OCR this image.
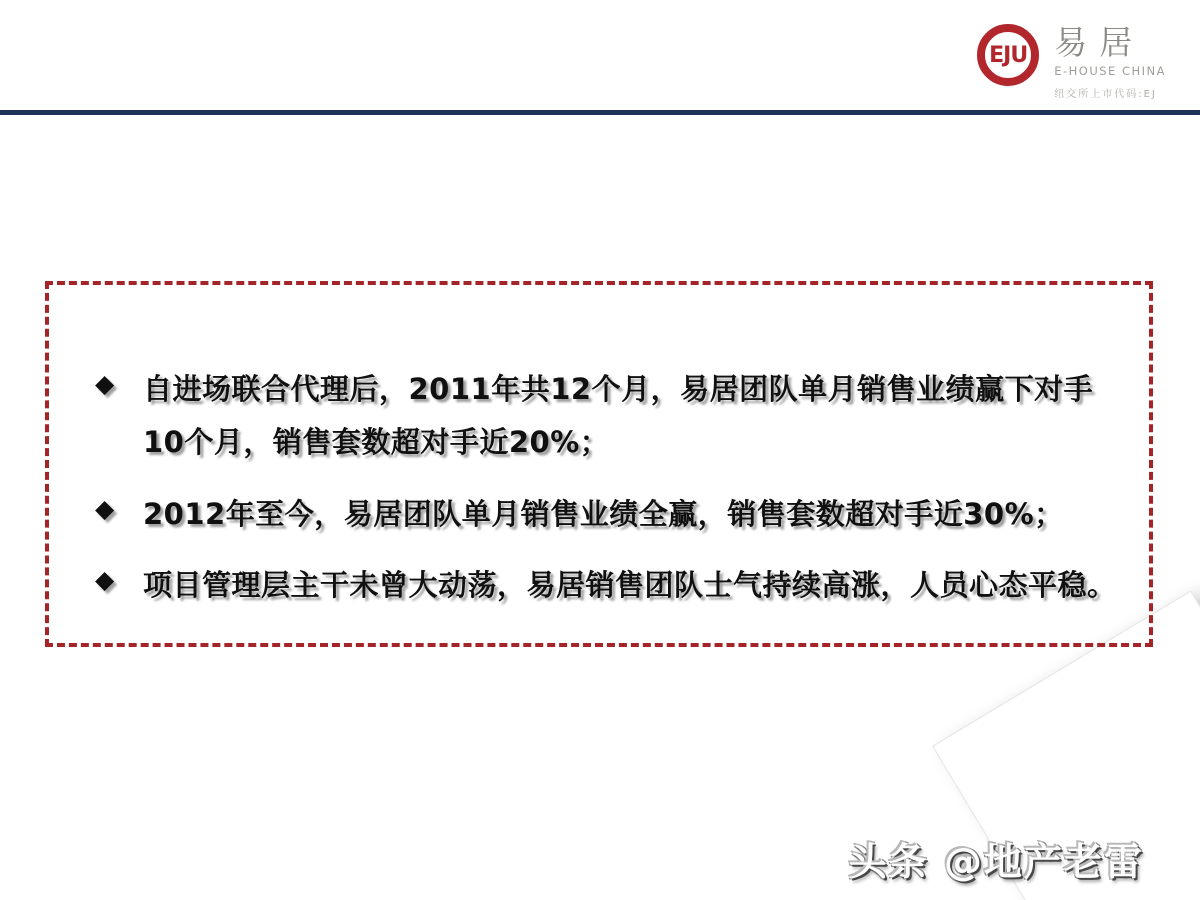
EJU 易居
E-HOUSE CHINA
纽交所上市代码:EJ
◆ 自进场联合代理后，2011年共12个月，易居团队单月销售业绩赢下对手10个月，销售套数超对手近20%；
◆ 2012年至今，易居团队单月销售业绩全赢，销售套数超对手近30%；
◆ 项目管理层主干未曾大动荡，易居销售团队士气持续高涨，人员心态平稳。
头条 @地产老雷
